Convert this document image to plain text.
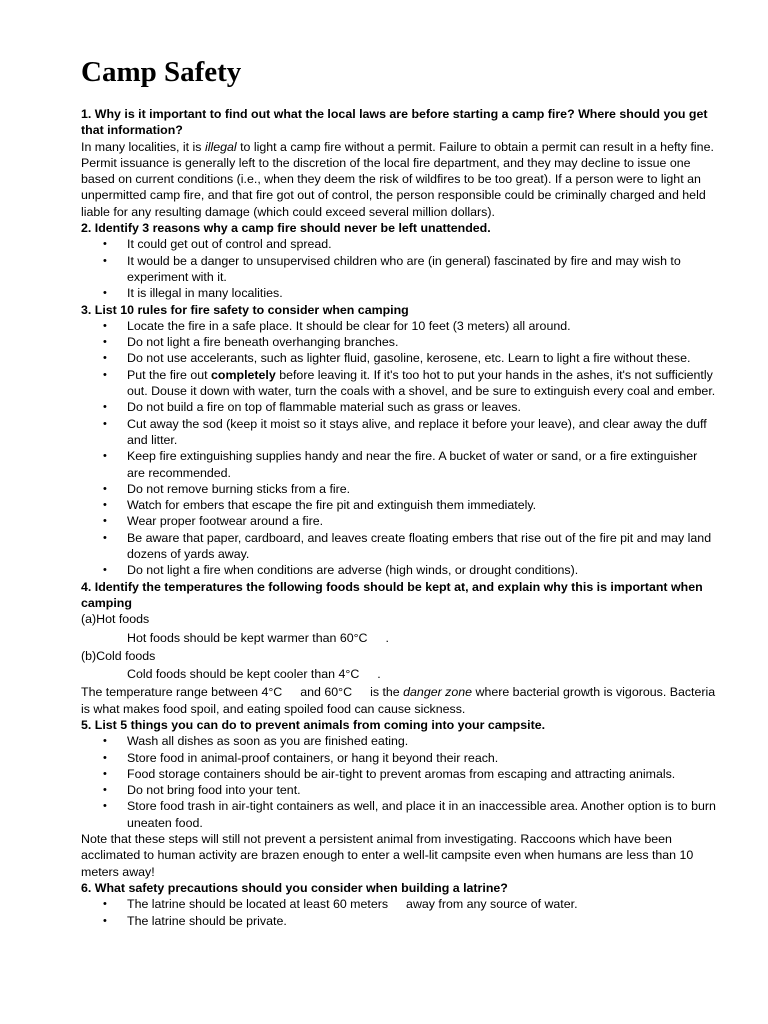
Camp Safety

1. Why is it important to find out what the local laws are before starting a camp fire? Where should you get that information?

In many localities, it is illegal to light a camp fire without a permit. Failure to obtain a permit can result in a hefty fine. Permit issuance is generally left to the discretion of the local fire department, and they may decline to issue one based on current conditions (i.e., when they deem the risk of wildfires to be too great). If a person were to light an unpermitted camp fire, and that fire got out of control, the person responsible could be criminally charged and held liable for any resulting damage (which could exceed several million dollars).

2. Identify 3 reasons why a camp fire should never be left unattended.

• It could get out of control and spread.
• It would be a danger to unsupervised children who are (in general) fascinated by fire and may wish to experiment with it.
• It is illegal in many localities.

3. List 10 rules for fire safety to consider when camping

• Locate the fire in a safe place. It should be clear for 10 feet (3 meters) all around.
• Do not light a fire beneath overhanging branches.
• Do not use accelerants, such as lighter fluid, gasoline, kerosene, etc. Learn to light a fire without these.
• Put the fire out completely before leaving it. If it's too hot to put your hands in the ashes, it's not sufficiently out. Douse it down with water, turn the coals with a shovel, and be sure to extinguish every coal and ember.
• Do not build a fire on top of flammable material such as grass or leaves.
• Cut away the sod (keep it moist so it stays alive, and replace it before your leave), and clear away the duff and litter.
• Keep fire extinguishing supplies handy and near the fire. A bucket of water or sand, or a fire extinguisher are recommended.
• Do not remove burning sticks from a fire.
• Watch for embers that escape the fire pit and extinguish them immediately.
• Wear proper footwear around a fire.
• Be aware that paper, cardboard, and leaves create floating embers that rise out of the fire pit and may land dozens of yards away.
• Do not light a fire when conditions are adverse (high winds, or drought conditions).

4. Identify the temperatures the following foods should be kept at, and explain why this is important when camping

(a)Hot foods

Hot foods should be kept warmer than 60°C .

(b)Cold foods

Cold foods should be kept cooler than 4°C .

The temperature range between 4°C and 60°C is the danger zone where bacterial growth is vigorous. Bacteria is what makes food spoil, and eating spoiled food can cause sickness.

5. List 5 things you can do to prevent animals from coming into your campsite.

• Wash all dishes as soon as you are finished eating.
• Store food in animal-proof containers, or hang it beyond their reach.
• Food storage containers should be air-tight to prevent aromas from escaping and attracting animals.
• Do not bring food into your tent.
• Store food trash in air-tight containers as well, and place it in an inaccessible area. Another option is to burn uneaten food.

Note that these steps will still not prevent a persistent animal from investigating. Raccoons which have been acclimated to human activity are brazen enough to enter a well-lit campsite even when humans are less than 10 meters away!

6. What safety precautions should you consider when building a latrine?

• The latrine should be located at least 60 meters away from any source of water.
• The latrine should be private.
